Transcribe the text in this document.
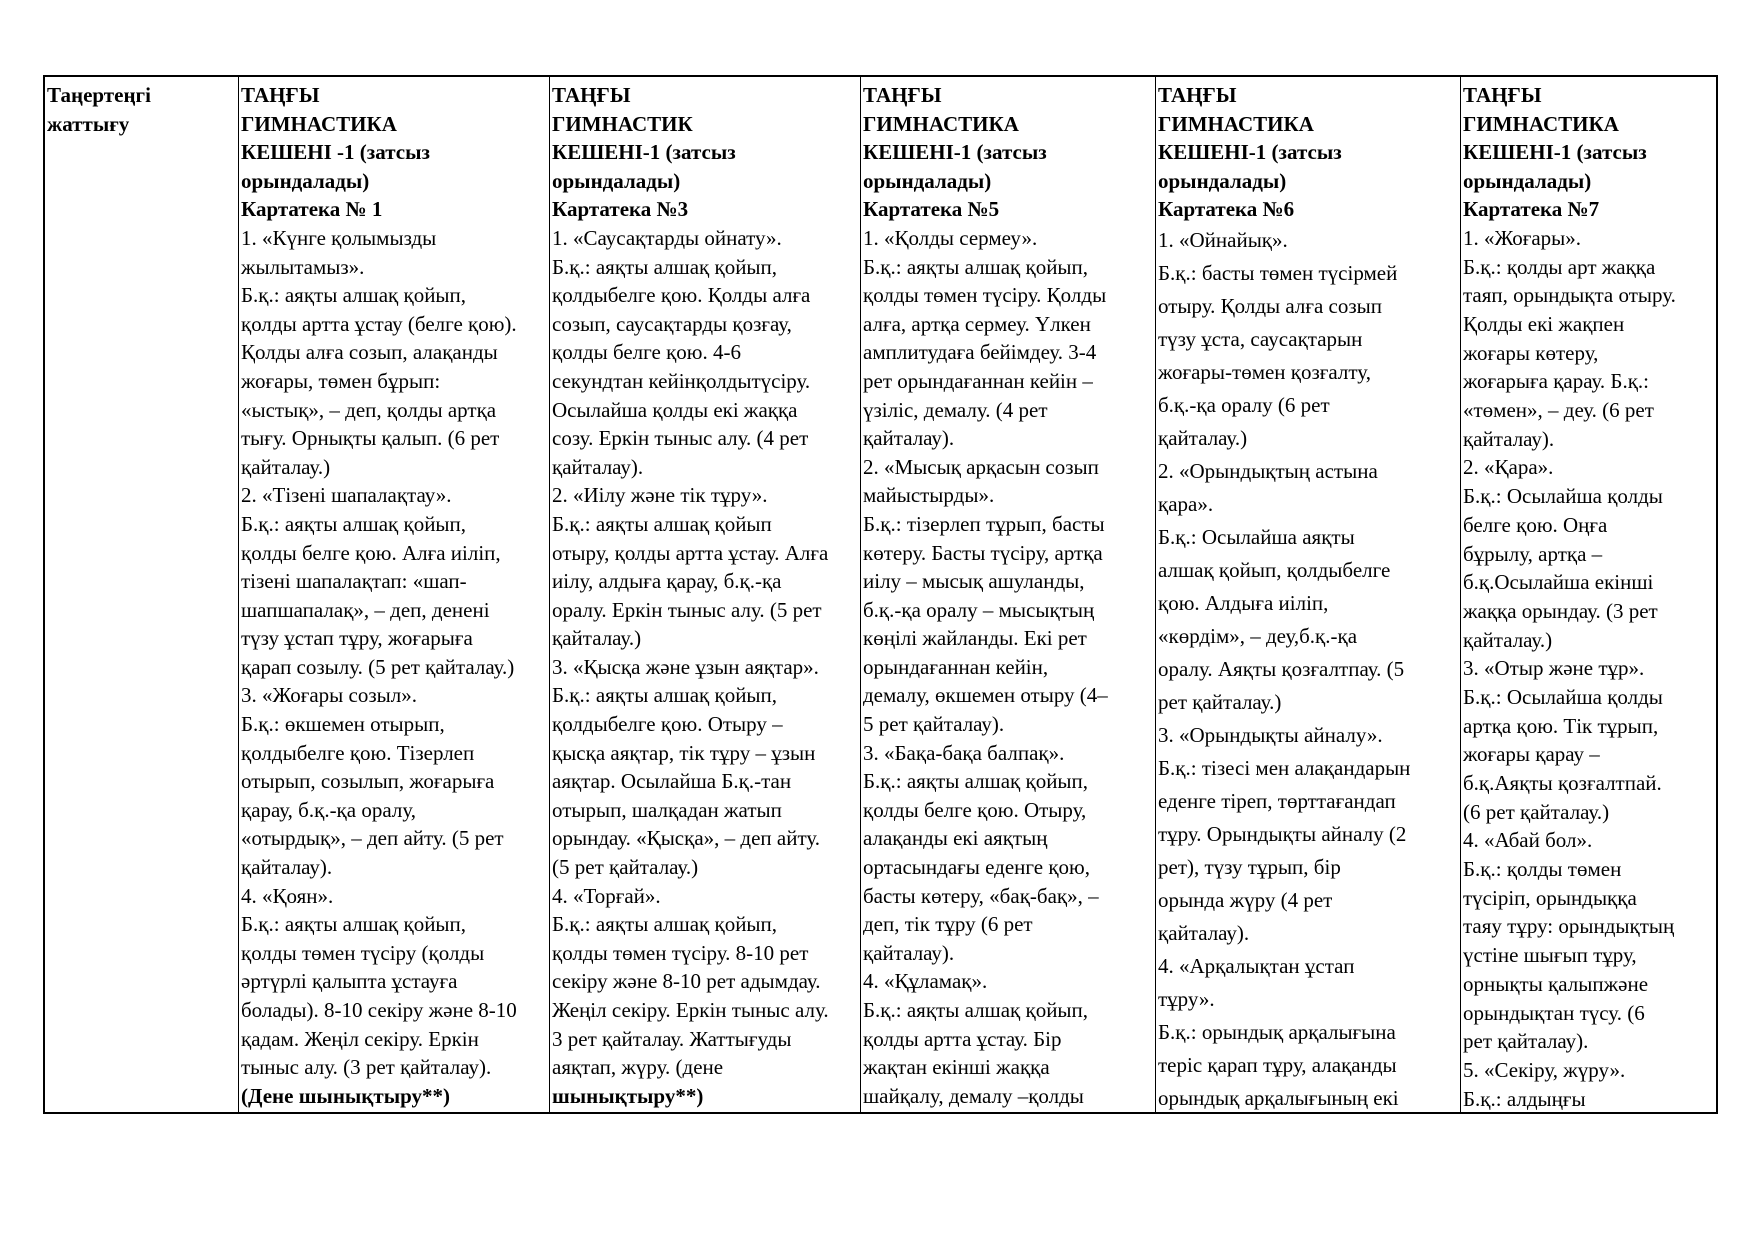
Таңертеңгі
жаттығу
ТАҢҒЫ
ГИМНАСТИКА
КЕШЕНІ -1 (затсыз
орындалады)
Картатека № 1
1. «Күнге қолымызды
жылытамыз».
Б.қ.: аяқты алшақ қойып,
қолды артта ұстау (белге қою).
Қолды алға созып, алақанды
жоғары, төмен бұрып:
«ыстық», – деп, қолды артқа
тығу. Орнықты қалып. (6 рет
қайталау.)
2. «Тізені шапалақтау».
Б.қ.: аяқты алшақ қойып,
қолды белге қою. Алға иіліп,
тізені шапалақтап: «шап-
шапшапалақ», – деп, денені
түзу ұстап тұру, жоғарыға
қарап созылу. (5 рет қайталау.)
3. «Жоғары созыл».
Б.қ.: өкшемен отырып,
қолдыбелге қою. Тізерлеп
отырып, созылып, жоғарыға
қарау, б.қ.-қа оралу,
«отырдық», – деп айту. (5 рет
қайталау).
4. «Қоян».
Б.қ.: аяқты алшақ қойып,
қолды төмен түсіру (қолды
әртүрлі қалыпта ұстауға
болады). 8-10 секіру және 8-10
қадам. Жеңіл секіру. Еркін
тыныс алу. (3 рет қайталау).
(Дене шынықтыру**)
ТАҢҒЫ
ГИМНАСТИК
КЕШЕНІ-1 (затсыз
орындалады)
Картатека №3
1. «Саусақтарды ойнату».
Б.қ.: аяқты алшақ қойып,
қолдыбелге қою. Қолды алға
созып, саусақтарды қозғау,
қолды белге қою. 4-6
секундтан кейінқолдытүсіру.
Осылайша қолды екі жаққа
созу. Еркін тыныс алу. (4 рет
қайталау).
2. «Иілу және тік тұру».
Б.қ.: аяқты алшақ қойып
отыру, қолды артта ұстау. Алға
иілу, алдыға қарау, б.қ.-қа
оралу. Еркін тыныс алу. (5 рет
қайталау.)
3. «Қысқа және ұзын аяқтар».
Б.қ.: аяқты алшақ қойып,
қолдыбелге қою. Отыру –
қысқа аяқтар, тік тұру – ұзын
аяқтар. Осылайша Б.қ.-тан
отырып, шалқадан жатып
орындау. «Қысқа», – деп айту.
(5 рет қайталау.)
4. «Торғай».
Б.қ.: аяқты алшақ қойып,
қолды төмен түсіру. 8-10 рет
секіру және 8-10 рет адымдау.
Жеңіл секіру. Еркін тыныс алу.
3 рет қайталау. Жаттығуды
аяқтап, жүру. (дене
шынықтыру**)
ТАҢҒЫ
ГИМНАСТИКА
КЕШЕНІ-1 (затсыз
орындалады)
Картатека №5
1. «Қолды сермеу».
Б.қ.: аяқты алшақ қойып,
қолды төмен түсіру. Қолды
алға, артқа сермеу. Үлкен
амплитудаға бейімдеу. 3-4
рет орындағаннан кейін –
үзіліс, демалу. (4 рет
қайталау).
2. «Мысық арқасын созып
майыстырды».
Б.қ.: тізерлеп тұрып, басты
көтеру. Басты түсіру, артқа
иілу – мысық ашуланды,
б.қ.-қа оралу – мысықтың
көңілі жайланды. Екі рет
орындағаннан кейін,
демалу, өкшемен отыру (4–
5 рет қайталау).
3. «Бақа-бақа балпақ».
Б.қ.: аяқты алшақ қойып,
қолды белге қою. Отыру,
алақанды екі аяқтың
ортасындағы еденге қою,
басты көтеру, «бақ-бақ», –
деп, тік тұру (6 рет
қайталау).
4. «Құламақ».
Б.қ.: аяқты алшақ қойып,
қолды артта ұстау. Бір
жақтан екінші жаққа
шайқалу, демалу –қолды
ТАҢҒЫ
ГИМНАСТИКА
КЕШЕНІ-1 (затсыз
орындалады)
Картатека №6
1. «Ойнайық».
Б.қ.: басты төмен түсірмей
отыру. Қолды алға созып
түзу ұста, саусақтарын
жоғары-төмен қозғалту,
б.қ.-қа оралу (6 рет
қайталау.)
2. «Орындықтың астына
қара».
Б.қ.: Осылайша аяқты
алшақ қойып, қолдыбелге
қою. Алдыға иіліп,
«көрдім», – деу,б.қ.-қа
оралу. Аяқты қозғалтпау. (5
рет қайталау.)
3. «Орындықты айналу».
Б.қ.: тізесі мен алақандарын
еденге тіреп, төрттағандап
тұру. Орындықты айналу (2
рет), түзу тұрып, бір
орында жүру (4 рет
қайталау).
4. «Арқалықтан ұстап
тұру».
Б.қ.: орындық арқалығына
теріс қарап тұру, алақанды
орындық арқалығының екі
ТАҢҒЫ
ГИМНАСТИКА
КЕШЕНІ-1 (затсыз
орындалады)
Картатека №7
1. «Жоғары».
Б.қ.: қолды арт жаққа
таяп, орындықта отыру.
Қолды екі жақпен
жоғары көтеру,
жоғарыға қарау. Б.қ.:
«төмен», – деу. (6 рет
қайталау).
2. «Қара».
Б.қ.: Осылайша қолды
белге қою. Оңға
бұрылу, артқа –
б.қ.Осылайша екінші
жаққа орындау. (3 рет
қайталау.)
3. «Отыр және тұр».
Б.қ.: Осылайша қолды
артқа қою. Тік тұрып,
жоғары қарау –
б.қ.Аяқты қозғалтпай.
(6 рет қайталау.)
4. «Абай бол».
Б.қ.: қолды төмен
түсіріп, орындыққа
таяу тұру: орындықтың
үстіне шығып тұру,
орнықты қалыпжәне
орындықтан түсу. (6
рет қайталау).
5. «Секіру, жүру».
Б.қ.: алдыңғы
